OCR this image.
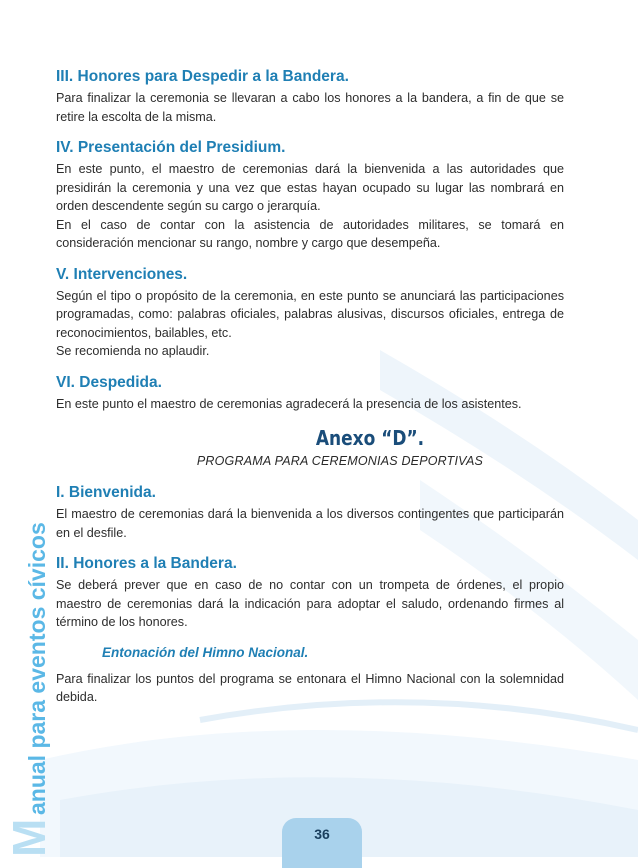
M
anual para eventos cívicos
III. Honores para Despedir a la Bandera.

Para finalizar la ceremonia se llevaran a cabo los honores a la bandera, a fin de que se retire la escolta de la misma.

IV. Presentación del Presidium.

En este punto, el maestro de ceremonias dará la bienvenida a las autoridades que presidirán la ceremonia y una vez que estas hayan ocupado su lugar las nombrará en orden descendente según su cargo o jerarquía.

En el caso de contar con la asistencia de autoridades militares, se tomará en consideración mencionar su rango, nombre y cargo que desempeña.

V. Intervenciones.

Según el tipo o propósito de la ceremonia, en este punto se anunciará las participaciones programadas, como: palabras oficiales, palabras alusivas, discursos oficiales, entrega de reconocimientos, bailables, etc.

Se recomienda no aplaudir.

VI. Despedida.

En este punto el maestro de ceremonias agradecerá la presencia de los asistentes.

Anexo “D”.
PROGRAMA PARA CEREMONIAS DEPORTIVAS
I. Bienvenida.

El maestro de ceremonias dará la bienvenida a los diversos contingentes que participarán en el desfile.

II. Honores a la Bandera.

Se deberá prever que en caso de no contar con un trompeta de órdenes, el propio maestro de ceremonias dará la indicación para adoptar el saludo, ordenando firmes al término de los honores.

Entonación del Himno Nacional.

Para finalizar los puntos del programa se entonara el Himno Nacional con la solemnidad debida.

36
